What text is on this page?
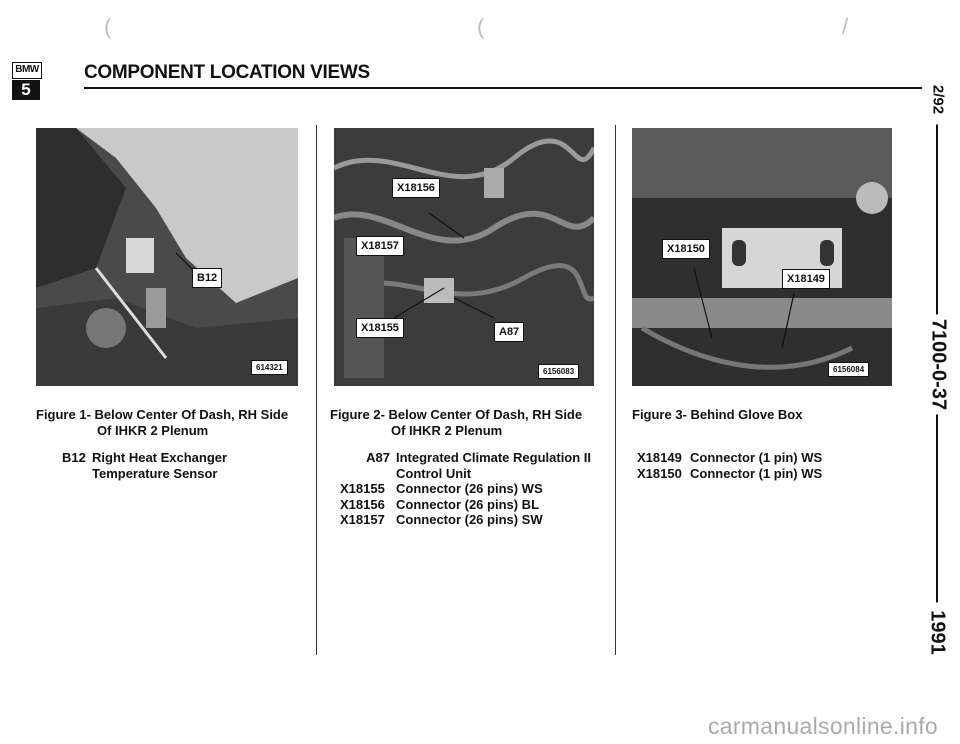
(	(	/
BMW
5
COMPONENT LOCATION VIEWS
2/92
7100-0-37
1991
B12
614321
X18156
X18157
X18155	A87
6156083
X18150
X18149
6156084
Figure 1- Below Center Of Dash, RH Side
Of IHKR 2 Plenum
B12 Right Heat Exchanger
Temperature Sensor
Figure 2- Below Center Of Dash, RH Side
Of IHKR 2 Plenum
A87 Integrated Climate Regulation II
Control Unit
X18155 Connector (26 pins) WS
X18156 Connector (26 pins) BL
X18157 Connector (26 pins) SW
Figure 3- Behind Glove Box
X18149 Connector (1 pin) WS
X18150 Connector (1 pin) WS
carmanualsonline.info
